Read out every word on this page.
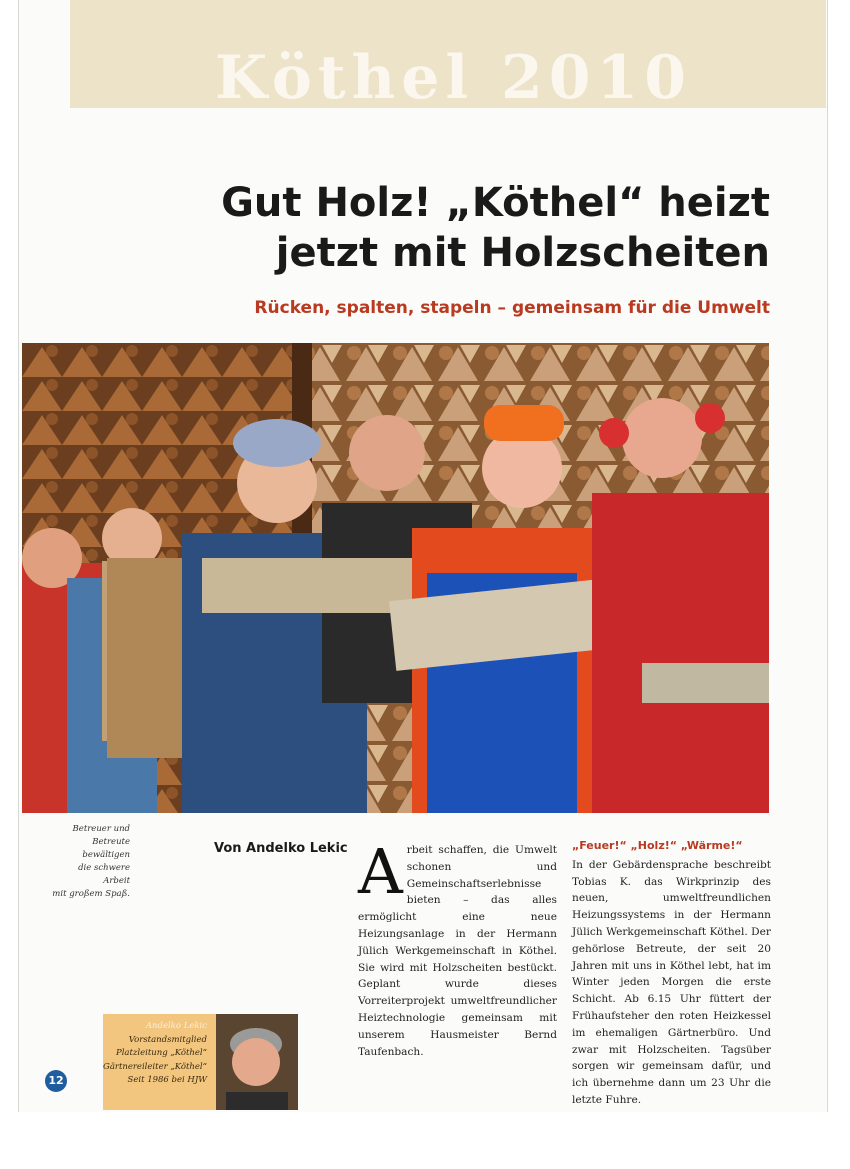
Köthel 2010
Gut Holz! „Köthel“ heizt
jetzt mit Holzscheiten

Rücken, spalten, stapeln – gemeinsam für die Umwelt

Betreuer und
Betreute bewältigen
die schwere Arbeit
mit großem Spaß.

Von Andelko Lekic Arbeit schaffen, die Umwelt schonen und Gemeinschaftserlebnisse bieten – das alles ermöglicht eine neue Heizungsanlage in der Hermann Jülich Werkgemeinschaft in Köthel. Sie wird mit Holzscheiten bestückt. Geplant wurde dieses Vorreiterprojekt umweltfreundlicher Heiztechnologie gemeinsam mit unserem Hausmeister Bernd Taufenbach.
„Feuer!“ „Holz!“ „Wärme!“
In der Gebärdensprache beschreibt Tobias K. das Wirkprinzip des neuen, umweltfreundlichen Heizungssystems in der Hermann Jülich Werkgemeinschaft Köthel. Der gehörlose Betreute, der seit 20 Jahren mit uns in Köthel lebt, hat im Winter jeden Morgen die erste Schicht. Ab 6.15 Uhr füttert der Frühaufsteher den roten Heizkessel im ehemaligen Gärtnerbüro. Und zwar mit Holzscheiten. Tagsüber sorgen wir gemeinsam dafür, und ich übernehme dann um 23 Uhr die letzte Fuhre.
Andelko Lekic
Vorstandsmitglied
Platzleitung „Köthel“
Gärtnereileiter „Köthel“
Seit 1986 bei HJW
12
